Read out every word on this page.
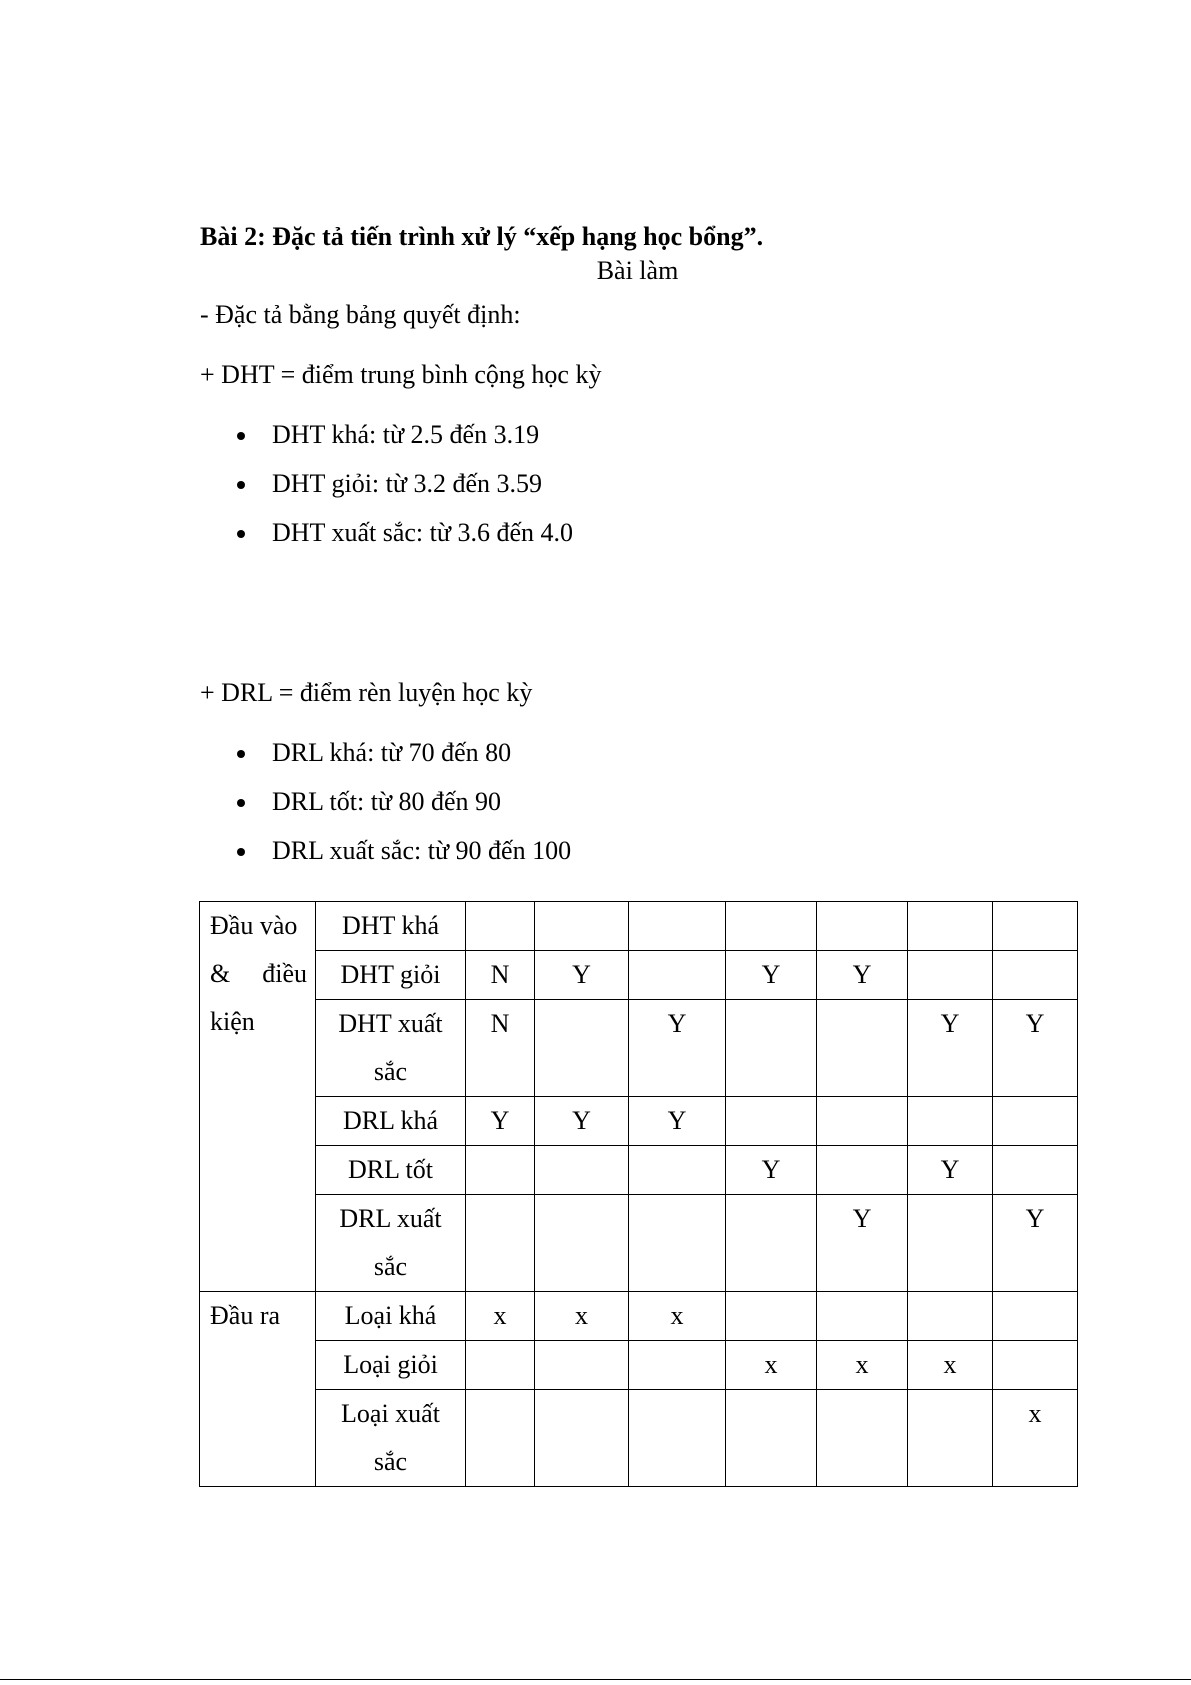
Bài 2: Đặc tả tiến trình xử lý “xếp hạng học bổng”.
Bài làm
- Đặc tả bằng bảng quyết định:
+ DHT = điểm trung bình cộng học kỳ
DHT khá: từ 2.5 đến 3.19
DHT giỏi: từ 3.2 đến 3.59
DHT xuất sắc: từ 3.6 đến 4.0
+ DRL = điểm rèn luyện học kỳ
DRL khá: từ 70 đến 80
DRL tốt: từ 80 đến 90
DRL xuất sắc: từ 90 đến 100
Đầu vào
& điều
kiện	DHT khá							

	DHT giỏi	N	Y		Y	Y		

	DHT xuất
sắc	N		Y			Y	Y

	DRL khá	Y	Y	Y				

	DRL tốt				Y		Y	

	DRL xuất
sắc					Y		Y
Đầu ra	Loại khá	x	x	x				

	Loại giỏi				x	x	x	

	Loại xuất
sắc							x
